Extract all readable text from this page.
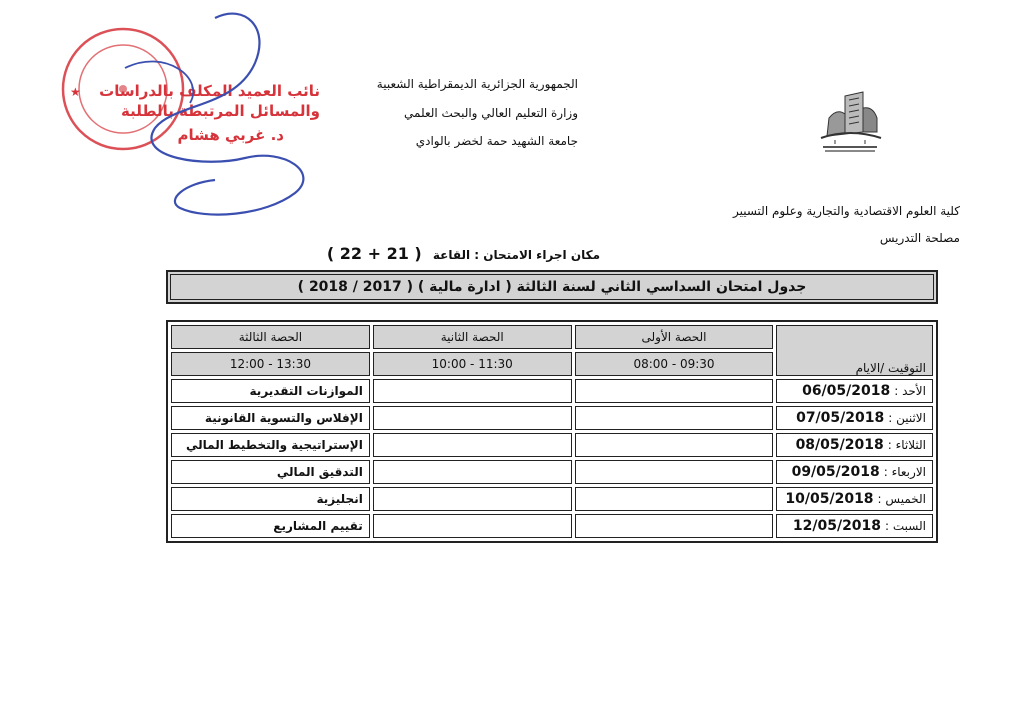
الجمهورية الجزائرية الديمقراطية الشعبية
وزارة التعليم العالي والبحث العلمي
جامعة الشهيد حمة لخضر بالوادي
كلية العلوم الاقتصادية والتجارية وعلوم التسيير
مصلحة التدريس
★ نائب العميد المكلف بالدراسات
والمسائل المرتبطة بالطلبة
د. غربي هشام
مكان اجراء الامتحان : القاعة ( 21 + 22 )
جدول امتحان السداسي الثاني لسنة الثالثة ( ادارة مالية ) ( 2017 / 2018 )
التوقيت /الايام	الحصة الأولى	الحصة الثانية	الحصة الثالثة
	08:00 - 09:30	10:00 - 11:30	12:00 - 13:30
الأحد :06/05/2018			الموازنات التقديرية
الاثنين :07/05/2018			الإفلاس والتسوية القانونية
الثلاثاء :08/05/2018			الإستراتيجية والتخطيط المالي
الاربعاء :09/05/2018			التدقيق المالي
الخميس :10/05/2018			انجليزية
السبت :12/05/2018			تقييم المشاريع
